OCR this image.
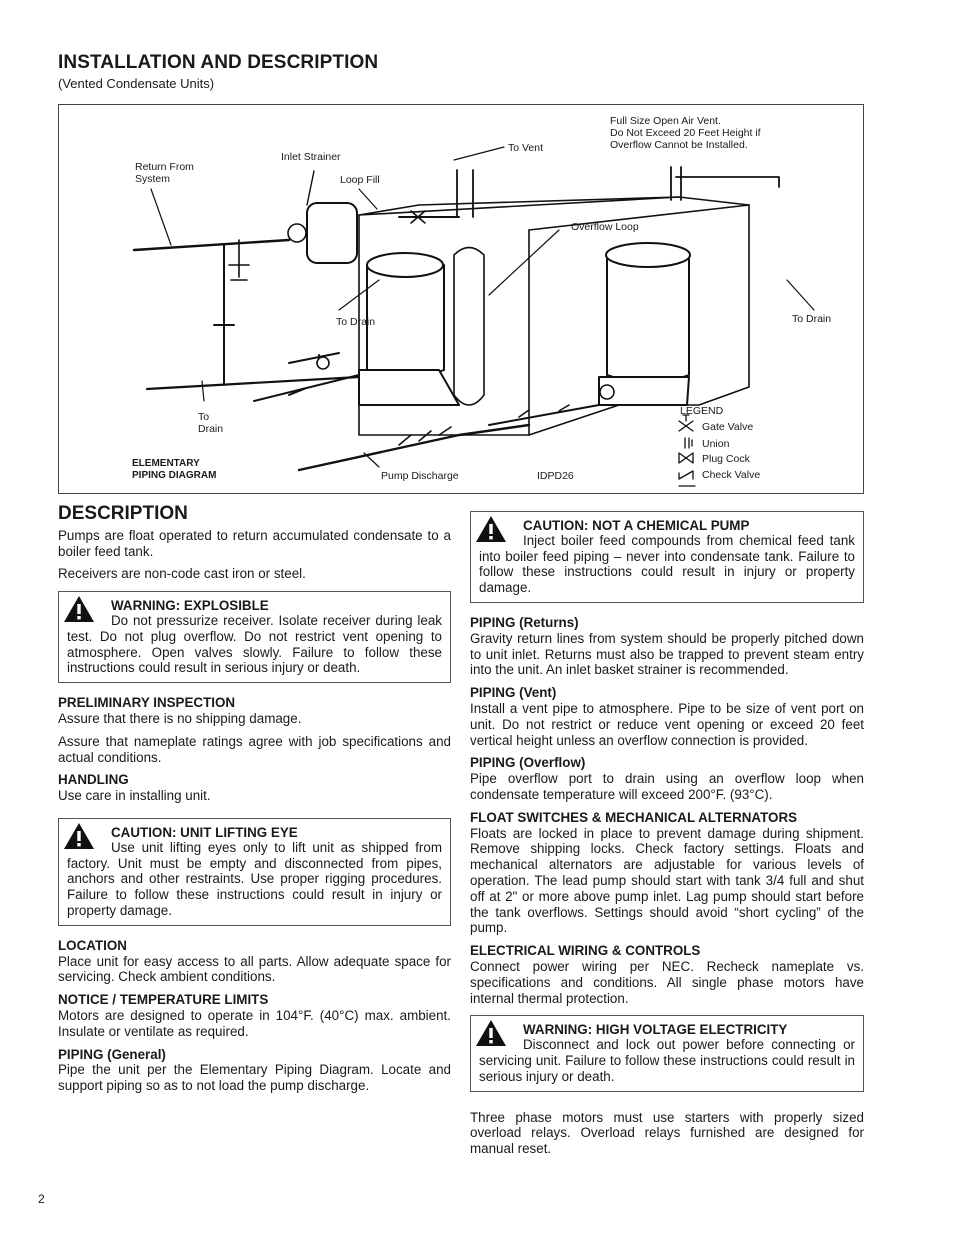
INSTALLATION AND DESCRIPTION
(Vented Condensate Units)
Return From
System
Inlet Strainer
Loop Fill
To Vent
Full Size Open Air Vent.
Do Not Exceed 20 Feet Height if
Overflow Cannot be Installed.
Overflow Loop
To Drain	To Drain
To
Drain
ELEMENTARY
PIPING DIAGRAM	Pump Discharge	IDPD26
LEGEND
Gate Valve
Union
Plug Cock
Check Valve
DESCRIPTION

Pumps are float operated to return accumulated condensate to a boiler feed tank.

Receivers are non-code cast iron or steel.

WARNING: EXPLOSIBLE
Do not pressurize receiver. Isolate receiver during leak test. Do not plug overflow. Do not restrict vent opening to atmosphere. Open valves slowly. Failure to follow these instructions could result in serious injury or death.
PRELIMINARY INSPECTION

Assure that there is no shipping damage.

Assure that nameplate ratings agree with job specifications and actual conditions.

HANDLING

Use care in installing unit.

CAUTION: UNIT LIFTING EYE
Use unit lifting eyes only to lift unit as shipped from factory. Unit must be empty and disconnected from pipes, anchors and other restraints. Use proper rigging procedures. Failure to follow these instructions could result in injury or property damage.
LOCATION

Place unit for easy access to all parts. Allow adequate space for servicing. Check ambient conditions.

NOTICE / TEMPERATURE LIMITS

Motors are designed to operate in 104°F. (40°C) max. ambient. Insulate or ventilate as required.

PIPING (General)

Pipe the unit per the Elementary Piping Diagram. Locate and support piping so as to not load the pump discharge.

CAUTION: NOT A CHEMICAL PUMP
Inject boiler feed compounds from chemical feed tank into boiler feed piping – never into condensate tank. Failure to follow these instructions could result in injury or property damage.
PIPING (Returns)

Gravity return lines from system should be properly pitched down to unit inlet. Returns must also be trapped to prevent steam entry into the unit. An inlet basket strainer is recommended.

PIPING (Vent)

Install a vent pipe to atmosphere. Pipe to be size of vent port on unit. Do not restrict or reduce vent opening or exceed 20 feet vertical height unless an overflow connection is provided.

PIPING (Overflow)

Pipe overflow port to drain using an overflow loop when condensate temperature will exceed 200°F. (93°C).

FLOAT SWITCHES & MECHANICAL ALTERNATORS

Floats are locked in place to prevent damage during shipment. Remove shipping locks. Check factory settings. Floats and mechanical alternators are adjustable for various levels of operation. The lead pump should start with tank 3/4 full and shut off at 2" or more above pump inlet. Lag pump should start before the tank overflows. Settings should avoid “short cycling” of the pump.

ELECTRICAL WIRING & CONTROLS

Connect power wiring per NEC. Recheck nameplate vs. specifications and conditions. All single phase motors have internal thermal protection.

WARNING: HIGH VOLTAGE ELECTRICITY
Disconnect and lock out power before connecting or servicing unit. Failure to follow these instructions could result in serious injury or death.

Three phase motors must use starters with properly sized overload relays. Overload relays furnished are designed for manual reset.

2
